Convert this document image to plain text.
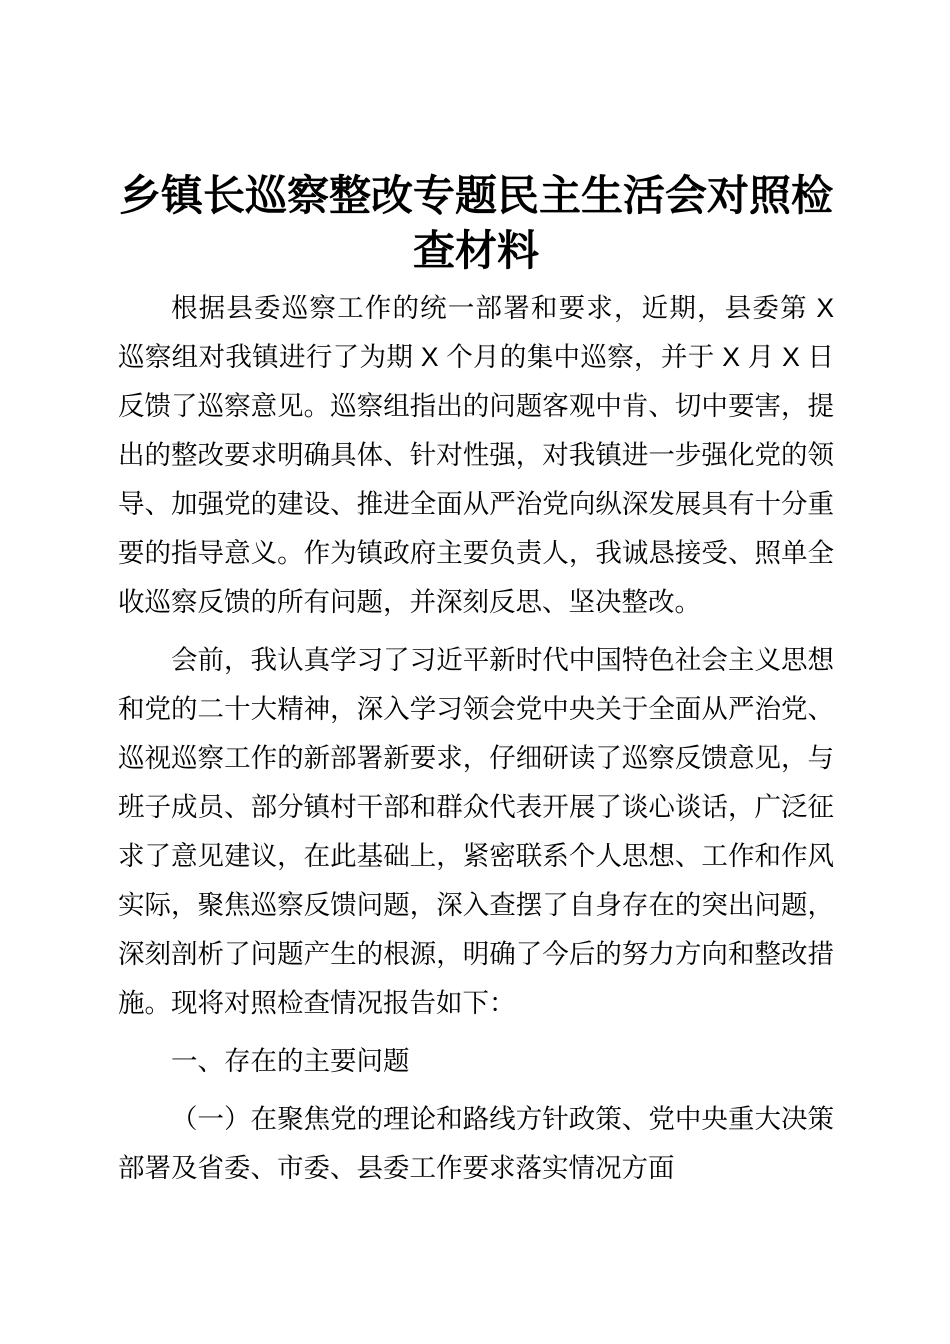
乡镇长巡察整改专题民主生活会对照检查材料

根据县委巡察工作的统一部署和要求，近期，县委第 X 巡察组对我镇进行了为期 X 个月的集中巡察，并于 X 月 X 日反馈了巡察意见。巡察组指出的问题客观中肯、切中要害，提出的整改要求明确具体、针对性强，对我镇进一步强化党的领导、加强党的建设、推进全面从严治党向纵深发展具有十分重要的指导意义。作为镇政府主要负责人，我诚恳接受、照单全收巡察反馈的所有问题，并深刻反思、坚决整改。

会前，我认真学习了习近平新时代中国特色社会主义思想和党的二十大精神，深入学习领会党中央关于全面从严治党、巡视巡察工作的新部署新要求，仔细研读了巡察反馈意见，与班子成员、部分镇村干部和群众代表开展了谈心谈话，广泛征求了意见建议，在此基础上，紧密联系个人思想、工作和作风实际，聚焦巡察反馈问题，深入查摆了自身存在的突出问题，深刻剖析了问题产生的根源，明确了今后的努力方向和整改措施。现将对照检查情况报告如下：

一、存在的主要问题

（一）在聚焦党的理论和路线方针政策、党中央重大决策部署及省委、市委、县委工作要求落实情况方面
